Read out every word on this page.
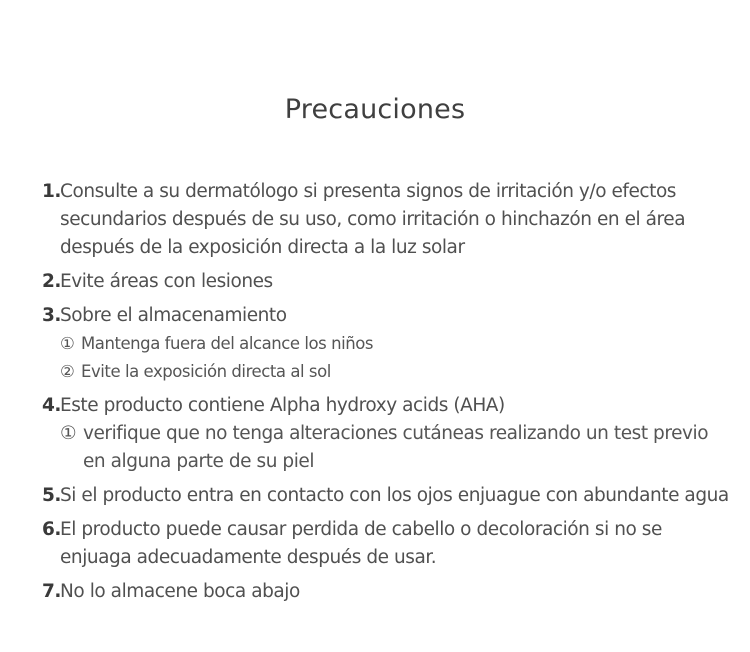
Precauciones
1.
Consulte a su dermatólogo si presenta signos de irritación y/o efectos secundarios después de su uso, como irritación o hinchazón en el área después de la exposición directa a la luz solar
2.
Evite áreas con lesiones
3.
Sobre el almacenamiento
① Mantenga fuera del alcance los niños
② Evite la exposición directa al sol
4.
Este producto contiene Alpha hydroxy acids (AHA)
① verifique que no tenga alteraciones cutáneas realizando un test previo en alguna parte de su piel
5.
Si el producto entra en contacto con los ojos enjuague con abundante agua
6.
El producto puede causar perdida de cabello o decoloración si no se enjuaga adecuadamente después de usar.
7.
No lo almacene boca abajo
